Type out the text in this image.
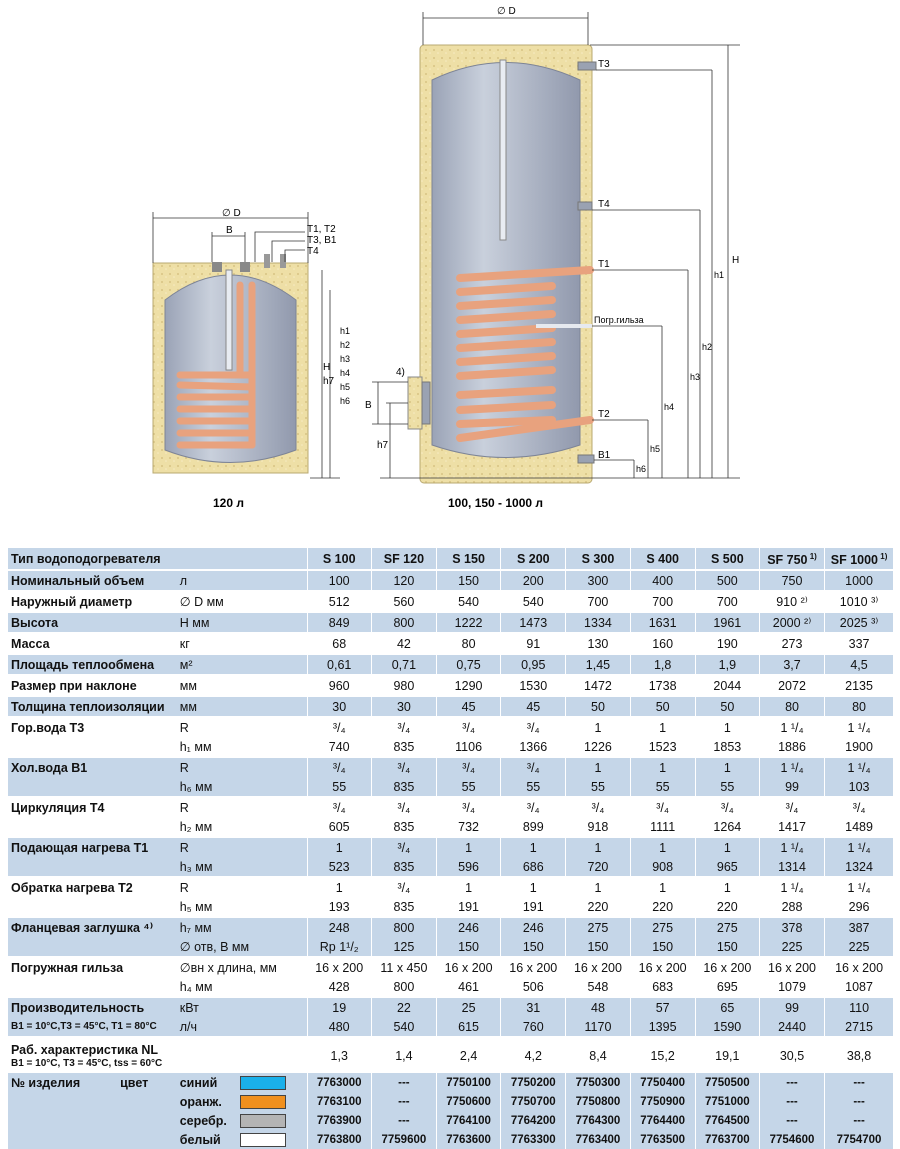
∅ D
B	T1, T2
T3, B1
T4
H
h7
h1
h2
h3
h4
h5
h6
120 л
∅ D
T3
T4
T1
Погр.гильза
T2
B1
4)
B
h7
H
h1
h2
h3
h4
h5
h6
100, 150 - 1000 л
Тип водоподогревателя		S 100	SF 120	S 150	S 200	S 300	S 400	S 500	SF 750 $^{1)}$	SF 1000 $^{1)}$
Номинальный объем	л	100	120	150	200	300	400	500	750	1000
Наружный диаметр	∅ D мм	512	560	540	540	700	700	700	910 ²⁾	1010 ³⁾
Высота	H мм	849	800	1222	1473	1334	1631	1961	2000 ²⁾	2025 ³⁾
Масса	кг	68	42	80	91	130	160	190	273	337
Площадь теплообмена	м²	0,61	0,71	0,75	0,95	1,45	1,8	1,9	3,7	4,5
Размер при наклоне	мм	960	980	1290	1530	1472	1738	2044	2072	2135
Толщина теплоизоляции	мм	30	30	45	45	50	50	50	80	80
Гор.вода T3	R	³/₄	³/₄	³/₄	³/₄	1	1	1	1 ¹/₄	1 ¹/₄
	h₁ мм	740	835	1106	1366	1226	1523	1853	1886	1900
Хол.вода B1	R	³/₄	³/₄	³/₄	³/₄	1	1	1	1 ¹/₄	1 ¹/₄
	h₆ мм	55	835	55	55	55	55	55	99	103
Циркуляция T4	R	³/₄	³/₄	³/₄	³/₄	³/₄	³/₄	³/₄	³/₄	³/₄
	h₂ мм	605	835	732	899	918	1111	1264	1417	1489
Подающая нагрева T1	R	1	³/₄	1	1	1	1	1	1 ¹/₄	1 ¹/₄
	h₃ мм	523	835	596	686	720	908	965	1314	1324
Обратка нагрева T2	R	1	³/₄	1	1	1	1	1	1 ¹/₄	1 ¹/₄
	h₅ мм	193	835	191	191	220	220	220	288	296
Фланцевая заглушка ⁴⁾	h₇ мм	248	800	246	246	275	275	275	378	387
	∅ отв, B мм	Rp 1¹/₂	125	150	150	150	150	150	225	225
Погружная гильза	∅вн x длина, мм	16 x 200	11 x 450	16 x 200	16 x 200	16 x 200	16 x 200	16 x 200	16 x 200	16 x 200
	h₄ мм	428	800	461	506	548	683	695	1079	1087
Производительность	кВт	19	22	25	31	48	57	65	99	110

B1 = 10°C,T3 = 45°C, T1 = 80°C	л/ч	480	540	615	760	1170	1395	1590	2440	2715
Раб. характеристика NL
B1 = 10°C, T3 = 45°C, tss = 60°C		1,3	1,4	2,4	4,2	8,4	15,2	19,1	30,5	38,8
№ изделия цвет	синий	7763000	---	7750100	7750200	7750300	7750400	7750500	---	---
	оранж.	7763100	---	7750600	7750700	7750800	7750900	7751000	---	---
	серебр.	7763900	---	7764100	7764200	7764300	7764400	7764500	---	---
	белый	7763800	7759600	7763600	7763300	7763400	7763500	7763700	7754600	7754700
